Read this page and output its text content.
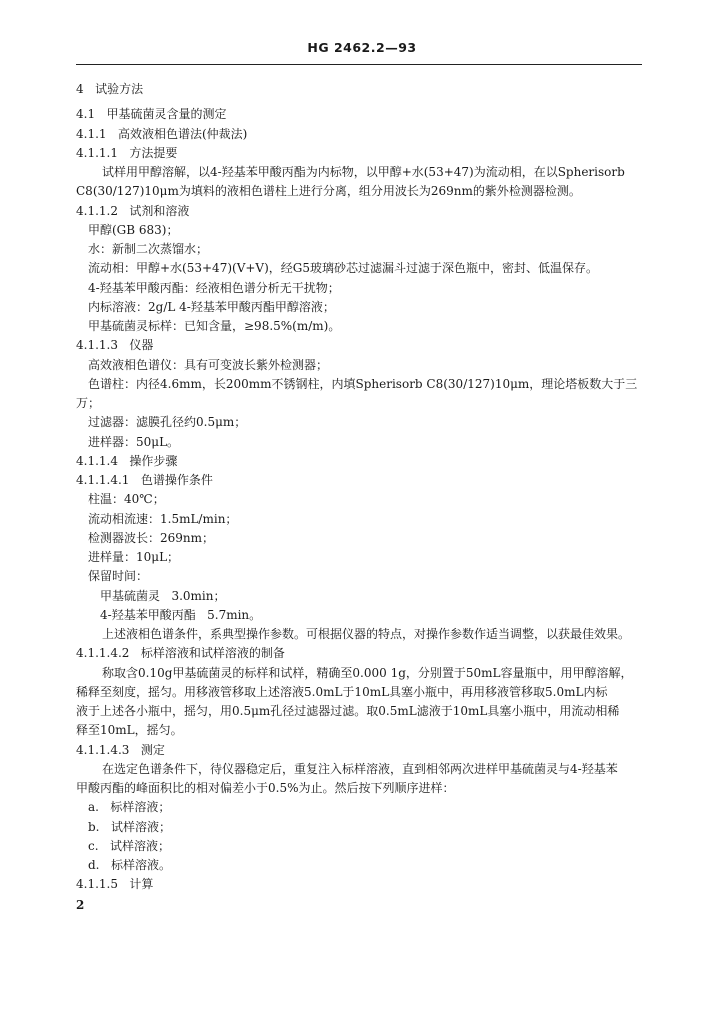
HG 2462.2—93
4   试验方法
4.1   甲基硫菌灵含量的测定
4.1.1   高效液相色谱法(仲裁法)
4.1.1.1   方法提要
试样用甲醇溶解，以4-羟基苯甲酸丙酯为内标物，以甲醇+水(53+47)为流动相，在以Spherisorb
C8(30/127)10μm为填料的液相色谱柱上进行分离，组分用波长为269nm的紫外检测器检测。
4.1.1.2   试剂和溶液
甲醇(GB 683)；
水：新制二次蒸馏水；
流动相：甲醇+水(53+47)(V+V)，经G5玻璃砂芯过滤漏斗过滤于深色瓶中，密封、低温保存。
4-羟基苯甲酸丙酯：经液相色谱分析无干扰物；
内标溶液：2g/L 4-羟基苯甲酸丙酯甲醇溶液；
甲基硫菌灵标样：已知含量，≥98.5%(m/m)。
4.1.1.3   仪器
高效液相色谱仪：具有可变波长紫外检测器；
色谱柱：内径4.6mm，长200mm不锈钢柱，内填Spherisorb C8(30/127)10μm，理论塔板数大于三
万；
过滤器：滤膜孔径约0.5μm；
进样器：50μL。
4.1.1.4   操作步骤
4.1.1.4.1   色谱操作条件
柱温：40℃；
流动相流速：1.5mL/min；
检测器波长：269nm；
进样量：10μL；
保留时间：
甲基硫菌灵   3.0min；
4-羟基苯甲酸丙酯   5.7min。
上述液相色谱条件，系典型操作参数。可根据仪器的特点，对操作参数作适当调整，以获最佳效果。
4.1.1.4.2   标样溶液和试样溶液的制备
称取含0.10g甲基硫菌灵的标样和试样，精确至0.000 1g，分别置于50mL容量瓶中，用甲醇溶解，
稀释至刻度，摇匀。用移液管移取上述溶液5.0mL于10mL具塞小瓶中，再用移液管移取5.0mL内标
液于上述各小瓶中，摇匀，用0.5μm孔径过滤器过滤。取0.5mL滤液于10mL具塞小瓶中，用流动相稀
释至10mL，摇匀。
4.1.1.4.3   测定
在选定色谱条件下，待仪器稳定后，重复注入标样溶液，直到相邻两次进样甲基硫菌灵与4-羟基苯
甲酸丙酯的峰面积比的相对偏差小于0.5%为止。然后按下列顺序进样：
a.   标样溶液；
b.   试样溶液；
c.   试样溶液；
d.   标样溶液。
4.1.1.5   计算
2
